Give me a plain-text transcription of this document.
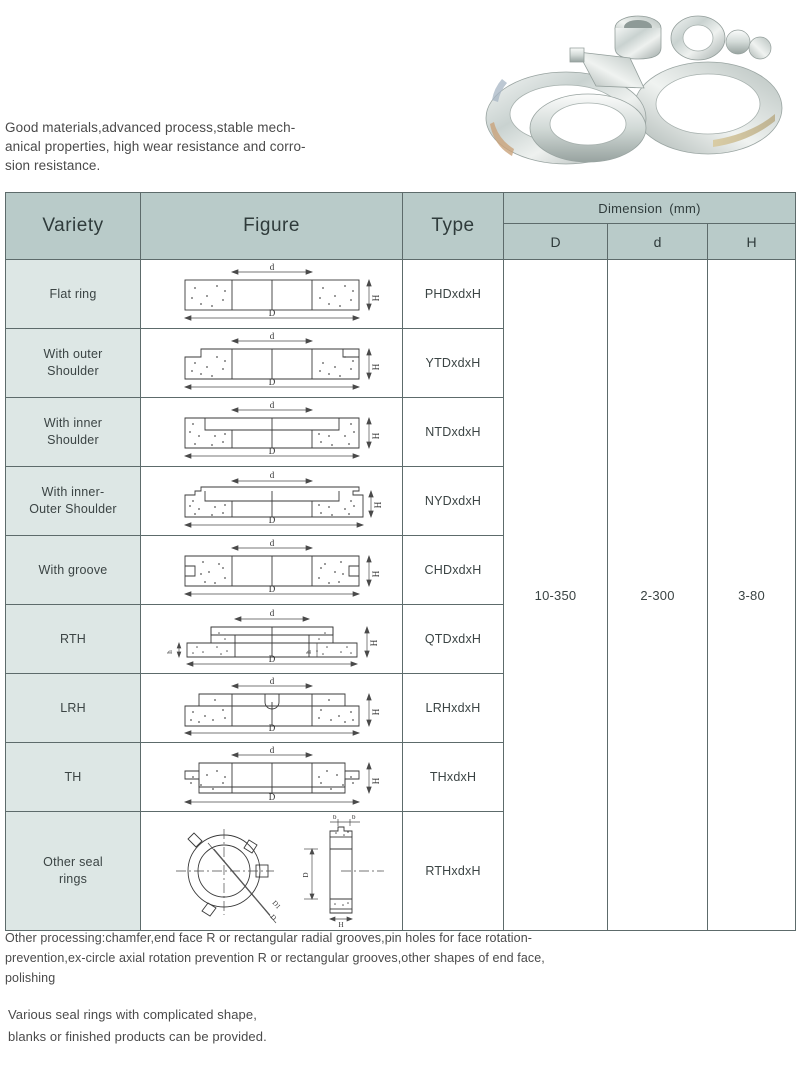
Good materials,advanced process,stable mech-
anical properties, high wear resistance and corro-
sion resistance.
Variety	Figure	Type	Dimension (mm)		
			D	d	H
Flat ring	d
D
H	PHDxdxH	10-350	2-300	3-80
With outer
Shoulder	d
D
H	YTDxdxH			
With inner
Shoulder	d
D
H	NTDxdxH			
With inner-
Outer Shoulder	d
D
H	NYDxdxH			
With groove	d
D
H	CHDxdxH			
RTH	d
D
H
h h	QTDxdxH			
LRH	d
D
H	LRHxdxH			
TH	d
D
H	THxdxH			
Other seal
rings	
D1
D
D
b b
H
	RTHxdxH
Other processing:chamfer,end face R or rectangular radial grooves,pin holes for face rotation-
prevention,ex-circle axial rotation prevention R or rectangular grooves,other shapes of end face,
polishing
Various seal rings with complicated shape,
blanks or finished products can be provided.
